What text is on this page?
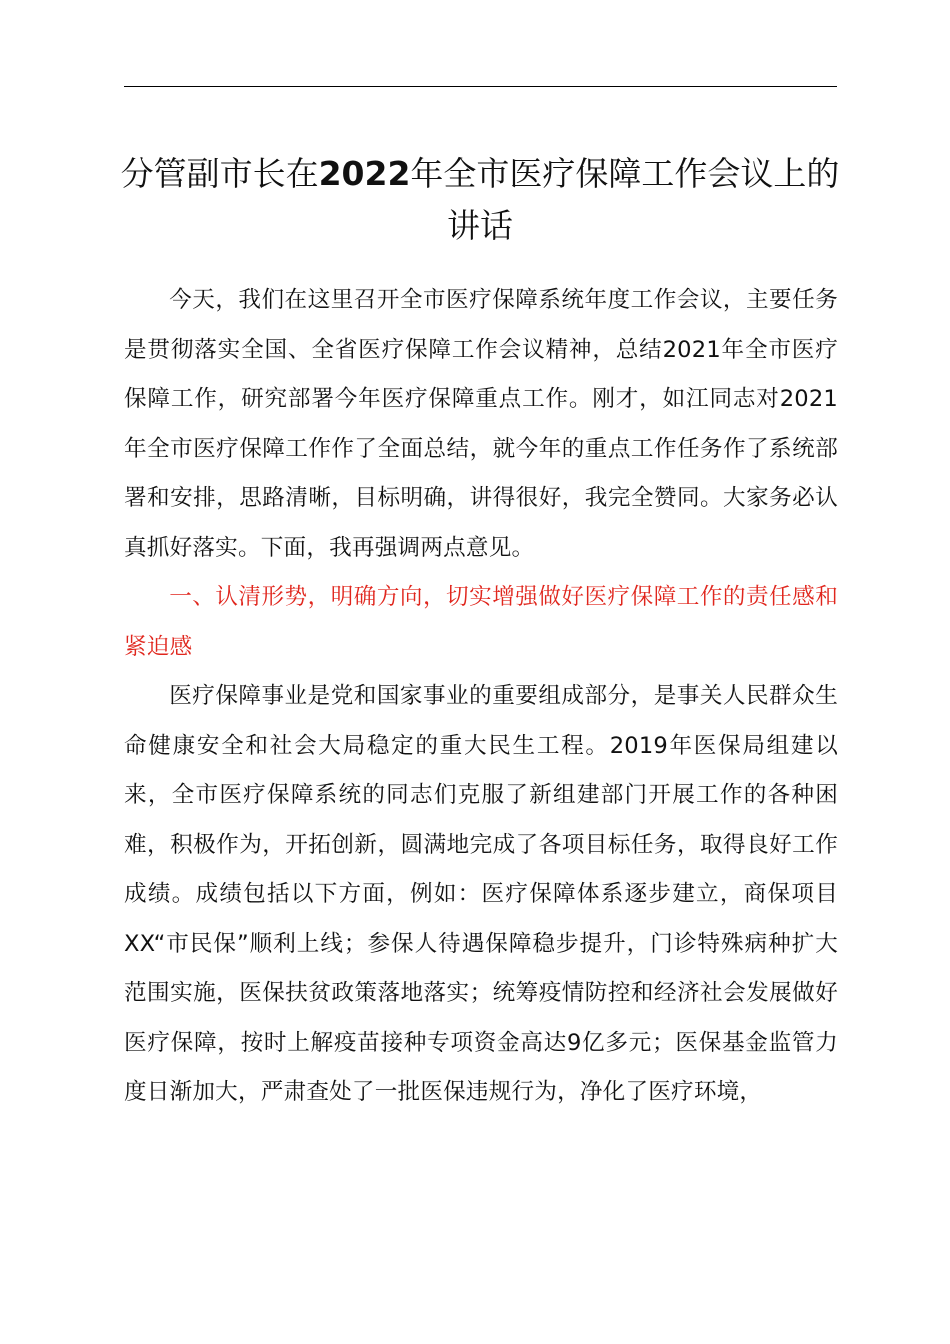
分管副市长在2022年全市医疗保障工作会议上的讲话

今天，我们在这里召开全市医疗保障系统年度工作会议，主要任务是贯彻落实全国、全省医疗保障工作会议精神，总结2021年全市医疗保障工作，研究部署今年医疗保障重点工作。刚才，如江同志对2021年全市医疗保障工作作了全面总结，就今年的重点工作任务作了系统部署和安排，思路清晰，目标明确，讲得很好，我完全赞同。大家务必认真抓好落实。下面，我再强调两点意见。

一、认清形势，明确方向，切实增强做好医疗保障工作的责任感和紧迫感

医疗保障事业是党和国家事业的重要组成部分，是事关人民群众生命健康安全和社会大局稳定的重大民生工程。2019年医保局组建以来，全市医疗保障系统的同志们克服了新组建部门开展工作的各种困难，积极作为，开拓创新，圆满地完成了各项目标任务，取得良好工作成绩。成绩包括以下方面，例如：医疗保障体系逐步建立，商保项目XX“市民保”顺利上线；参保人待遇保障稳步提升，门诊特殊病种扩大范围实施，医保扶贫政策落地落实；统筹疫情防控和经济社会发展做好医疗保障，按时上解疫苗接种专项资金高达9亿多元；医保基金监管力度日渐加大，严肃查处了一批医保违规行为，净化了医疗环境，
